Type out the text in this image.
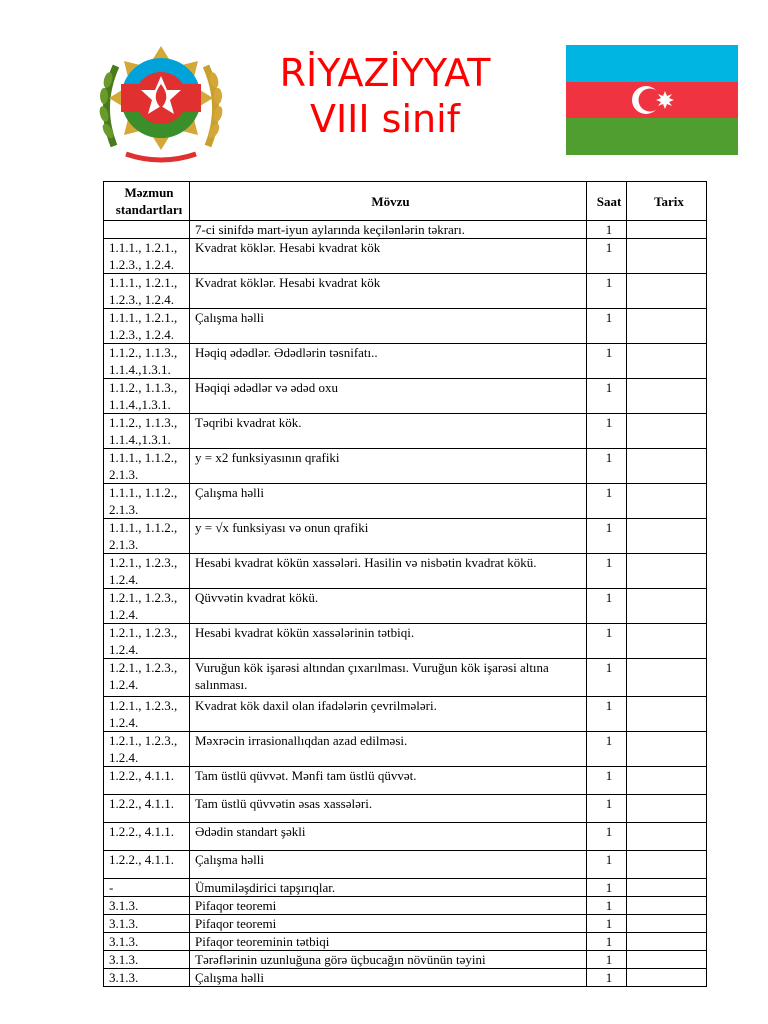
RİYAZİYYAT
VIII sinif
Məzmun standartları	Mövzu	Saat	Tarix
	7-ci sinifdə mart-iyun aylarında keçilənlərin təkrarı.	1	
1.1.1., 1.2.1., 1.2.3., 1.2.4.	Kvadrat köklər. Hesabi kvadrat kök	1	
1.1.1., 1.2.1., 1.2.3., 1.2.4.	Kvadrat köklər. Hesabi kvadrat kök	1	
1.1.1., 1.2.1., 1.2.3., 1.2.4.	Çalışma həlli	1	
1.1.2., 1.1.3., 1.1.4.,1.3.1.	Həqiq ədədlər. Ədədlərin təsnifatı..	1	
1.1.2., 1.1.3., 1.1.4.,1.3.1.	Həqiqi ədədlər və ədəd oxu	1	
1.1.2., 1.1.3., 1.1.4.,1.3.1.	Təqribi kvadrat kök.	1	
1.1.1., 1.1.2., 2.1.3.	y = x2 funksiyasının qrafiki	1	
1.1.1., 1.1.2., 2.1.3.	Çalışma həlli	1	
1.1.1., 1.1.2., 2.1.3.	y = √x funksiyası və onun qrafiki	1	
1.2.1., 1.2.3., 1.2.4.	Hesabi kvadrat kökün xassələri. Hasilin və nisbətin kvadrat kökü.	1	
1.2.1., 1.2.3., 1.2.4.	Qüvvətin kvadrat kökü.	1	
1.2.1., 1.2.3., 1.2.4.	Hesabi kvadrat kökün xassələrinin tətbiqi.	1	
1.2.1., 1.2.3., 1.2.4.	Vuruğun kök işarəsi altından çıxarılması. Vuruğun kök işarəsi altına salınması.	1	
1.2.1., 1.2.3., 1.2.4.	Kvadrat kök daxil olan ifadələrin çevrilmələri.	1	
1.2.1., 1.2.3., 1.2.4.	Məxrəcin irrasionallıqdan azad edilməsi.	1	
1.2.2., 4.1.1.	Tam üstlü qüvvət. Mənfi tam üstlü qüvvət.	1	
1.2.2., 4.1.1.	Tam üstlü qüvvətin əsas xassələri.	1	
1.2.2., 4.1.1.	Ədədin standart şəkli	1	
1.2.2., 4.1.1.	Çalışma həlli	1	
-	Ümumiləşdirici tapşırıqlar.	1	
3.1.3.	Pifaqor teoremi	1	
3.1.3.	Pifaqor teoremi	1	
3.1.3.	Pifaqor teoreminin tətbiqi	1	
3.1.3.	Tərəflərinin uzunluğuna görə üçbucağın növünün təyini	1	
3.1.3.	Çalışma həlli	1	
